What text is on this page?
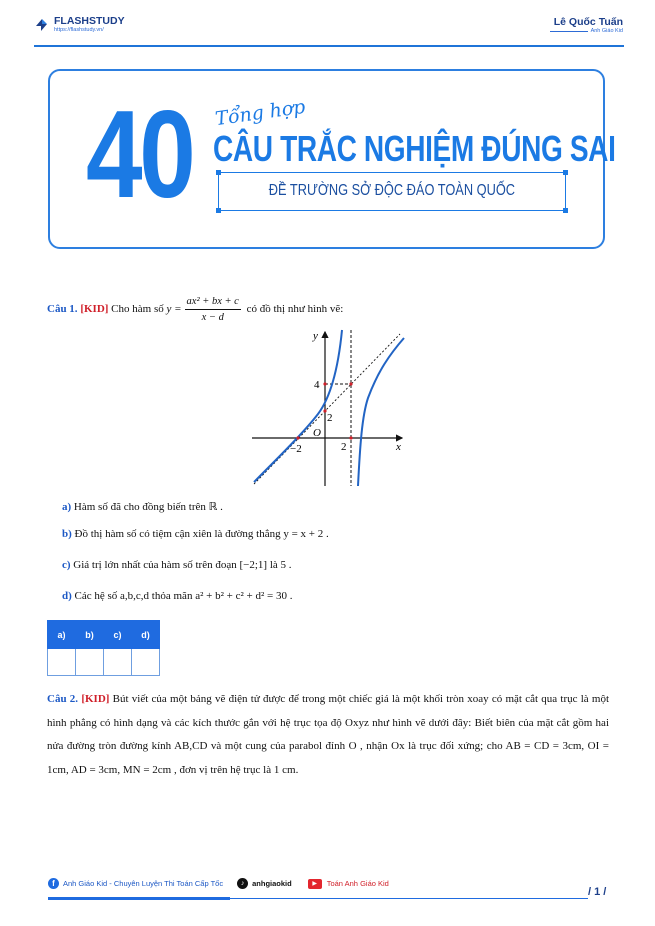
FLASHSTUDY
https://flashstudy.vn/
Lê Quốc Tuấn
Anh Giáo Kid
40 Tổng hợp
CÂU TRẮC NGHIỆM ĐÚNG SAI
ĐỀ TRƯỜNG SỞ ĐỘC ĐÁO TOÀN QUỐC
Câu 1. [KID] Cho hàm số $y = \frac{\text{ax² + bx + c}}{x - d}$ có đồ thị như hình vẽ:
y
x
O
4
2
−2	2
a) Hàm số đã cho đồng biến trên ℝ .
b) Đồ thị hàm số có tiệm cận xiên là đường thẳng y = x + 2 .
c) Giá trị lớn nhất của hàm số trên đoạn [−2;1] là 5 .
d) Các hệ số a,b,c,d thỏa mãn a² + b² + c² + d² = 30 .
a)	b)	c)	d)

Câu 2. [KID] Bút viết của một bảng vẽ điện tử được để trong một chiếc giá là một khối tròn xoay có mặt cắt qua trục là một hình phẳng có hình dạng và các kích thước gắn với hệ trục tọa độ Oxyz như hình vẽ dưới đây: Biết biên của mặt cắt gồm hai nửa đường tròn đường kính AB,CD và một cung của parabol đỉnh O , nhận Ox là trục đối xứng; cho AB = CD = 3cm, OI = 1cm, AD = 3cm, MN = 2cm , đơn vị trên hệ trục là 1 cm.
f	Anh Giáo Kid - Chuyên Luyện Thi Toán Cấp Tốc	♪	anhgiaokid	▶	Toán Anh Giáo Kid
/ 1 /
